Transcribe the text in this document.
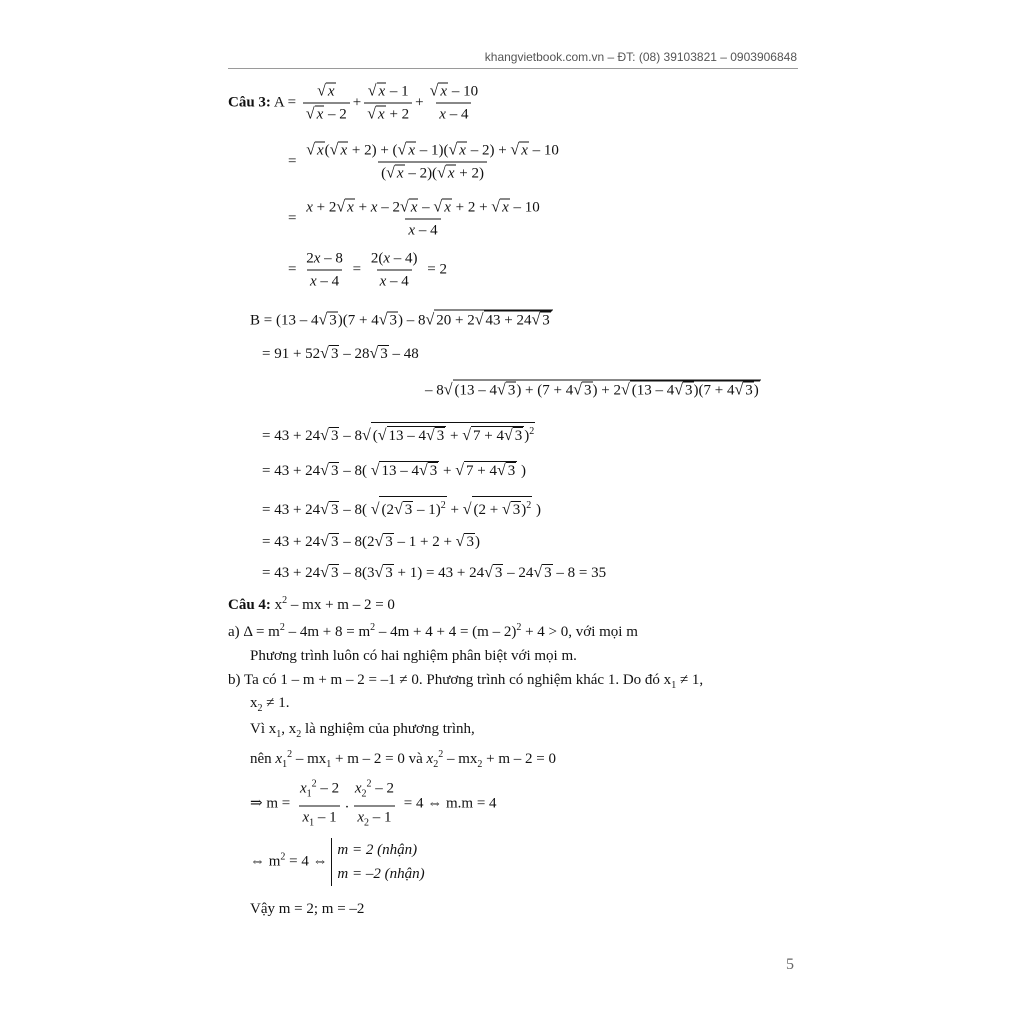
khangvietbook.com.vn – ĐT: (08) 39103821 – 0903906848
Câu 3: $A = \frac{√ x}{√ x - 2} + \frac{√ x - 1}{√ x + 2} + \frac{√ x - 10}{x - 4}$
= $\frac{√ x(√ x + 2) + (√ x - 1)(√ x - 2) + √ x - 10}{(√ x - 2)(√ x + 2)}$
= $\frac{x + 2√ x + x - 2√ x - √ x + 2 + √ x - 10}{x - 4}$
= $\frac{2x - 8}{x - 4} = \frac{2(x - 4)}{x - 4} = 2$
B = (13 – 4√ 3)(7 + 4√ 3) – 8√ 20 + 2√ 43 + 24√ 3
= 91 + 52√ 3 – 28√ 3 – 48
– 8√ (13 – 4√ 3) + (7 + 4√ 3) + 2√ (13 – 4√ 3)(7 + 4√ 3)
= 43 + 24√ 3 – 8√ (√ 13 – 4√ 3 + √ 7 + 4√ 3 )$^2$
= 43 + 24√ 3 – 8( √ 13 – 4√ 3 + √ 7 + 4√ 3 )
= 43 + 24√ 3 – 8( √ (2√ 3 – 1)$^2$ + √ (2 + √ 3)$^2$ )
= 43 + 24√ 3 – 8(2√ 3 – 1 + 2 + √ 3)
= 43 + 24√ 3 – 8(3√ 3 + 1) = 43 + 24√ 3 – 24√ 3 – 8 = 35
Câu 4: $x^2$ – mx + m – 2 = 0
a) $\Delta = m^2 - 4m + 8 = m^2 - 4m + 4 + 4 = (m - 2)^2 + 4 > 0$, với mọi m
Phương trình luôn có hai nghiệm phân biệt với mọi m.
b) Ta có 1 – m + m – 2 = –1 ≠ 0. Phương trình có nghiệm khác 1. Do đó $x_1 \ne 1$,
$x_2 \ne 1$.
Vì $x_1$, $x_2$ là nghiệm của phương trình,
nên $x_1^2 - mx_1 + m - 2 = 0$ và $x_2^2 - mx_2 + m - 2 = 0$
⇒ $m = \frac{x_1^2 - 2}{x_1 - 1}$ . $\frac{x_2^2 - 2}{x_2 - 1} = 4$ ⇔ m.m = 4
⇔ $m^2 = 4$ ⇔
m = 2 (nhận)
m = –2 (nhận)
Vậy m = 2; m = –2
5
